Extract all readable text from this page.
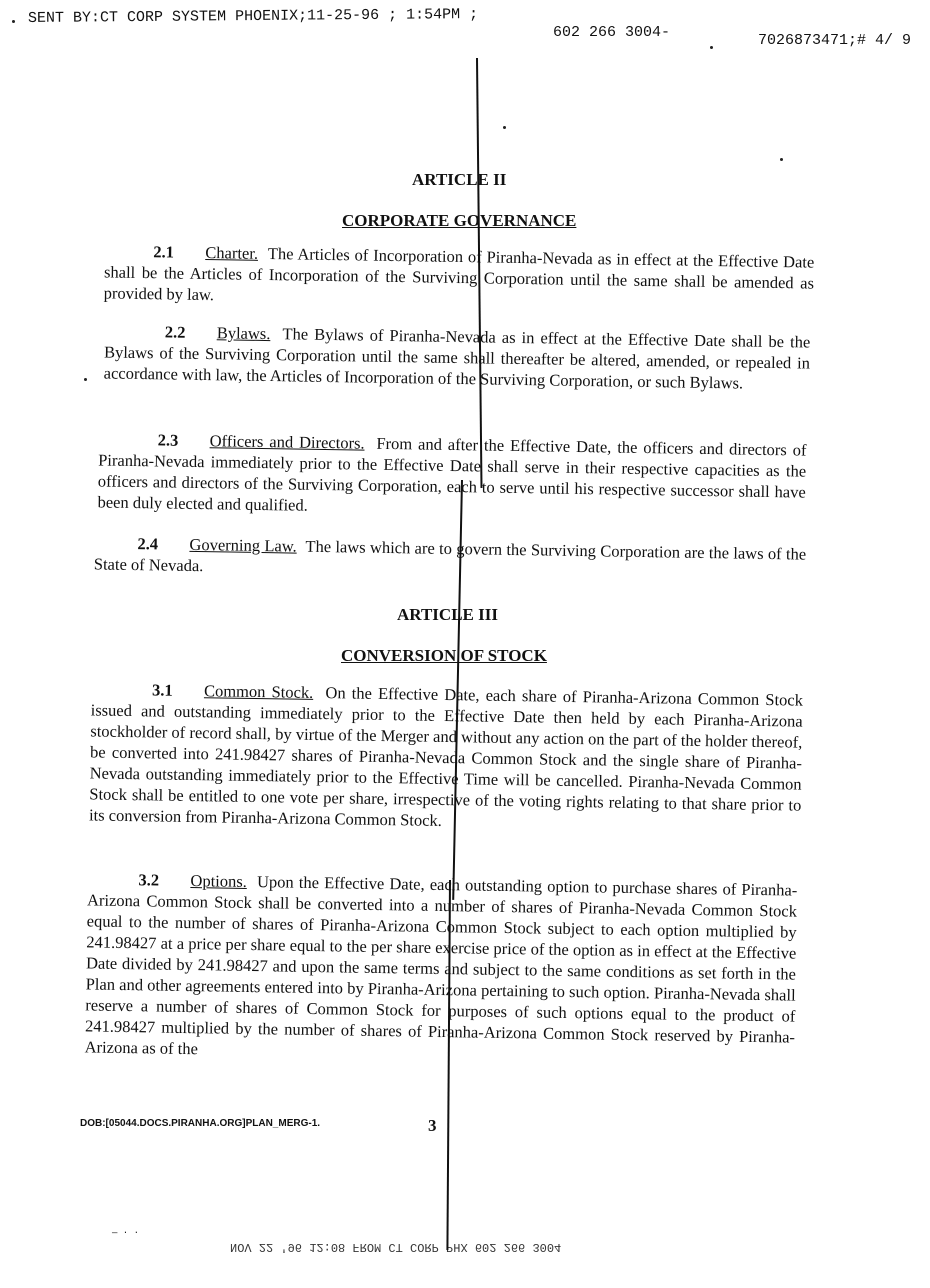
SENT BY:CT CORP SYSTEM PHOENIX;11-25-96 ; 1:54PM ;
602 266 3004-	7026873471;# 4/ 9
ARTICLE II
CORPORATE GOVERNANCE
2.1 Charter. The Articles of Incorporation of Piranha-Nevada as in effect at the Effective Date shall be the Articles of Incorporation of the Surviving Corporation until the same shall be amended as provided by law.
2.2 Bylaws. The Bylaws of Piranha-Nevada as in effect at the Effective Date shall be the Bylaws of the Surviving Corporation until the same shall thereafter be altered, amended, or repealed in accordance with law, the Articles of Incorporation of the Surviving Corporation, or such Bylaws.
2.3 Officers and Directors. From and after the Effective Date, the officers and directors of Piranha-Nevada immediately prior to the Effective Date shall serve in their respective capacities as the officers and directors of the Surviving Corporation, each to serve until his respective successor shall have been duly elected and qualified.
2.4 Governing Law. The laws which are to govern the Surviving Corporation are the laws of the State of Nevada.
ARTICLE III
CONVERSION OF STOCK
3.1 Common Stock. On the Effective Date, each share of Piranha-Arizona Common Stock issued and outstanding immediately prior to the Effective Date then held by each Piranha-Arizona stockholder of record shall, by virtue of the Merger and without any action on the part of the holder thereof, be converted into 241.98427 shares of Piranha-Nevada Common Stock and the single share of Piranha-Nevada outstanding immediately prior to the Effective Time will be cancelled. Piranha-Nevada Common Stock shall be entitled to one vote per share, irrespective of the voting rights relating to that share prior to its conversion from Piranha-Arizona Common Stock.
3.2 Options. Upon the Effective Date, each outstanding option to purchase shares of Piranha-Arizona Common Stock shall be converted into a number of shares of Piranha-Nevada Common Stock equal to the number of shares of Piranha-Arizona Common Stock subject to each option multiplied by 241.98427 at a price per share equal to the per share exercise price of the option as in effect at the Effective Date divided by 241.98427 and upon the same terms and subject to the same conditions as set forth in the Plan and other agreements entered into by Piranha-Arizona pertaining to such option. Piranha-Nevada shall reserve a number of shares of Common Stock for purposes of such options equal to the product of 241.98427 multiplied by the number of shares of Piranha-Arizona Common Stock reserved by Piranha-Arizona as of the
DOB:[05044.DOCS.PIRANHA.ORG]PLAN_MERG-1.	3
— · ·
NOV 22 '96 12:08 FROM CT CORP PHX 602 266 3004
